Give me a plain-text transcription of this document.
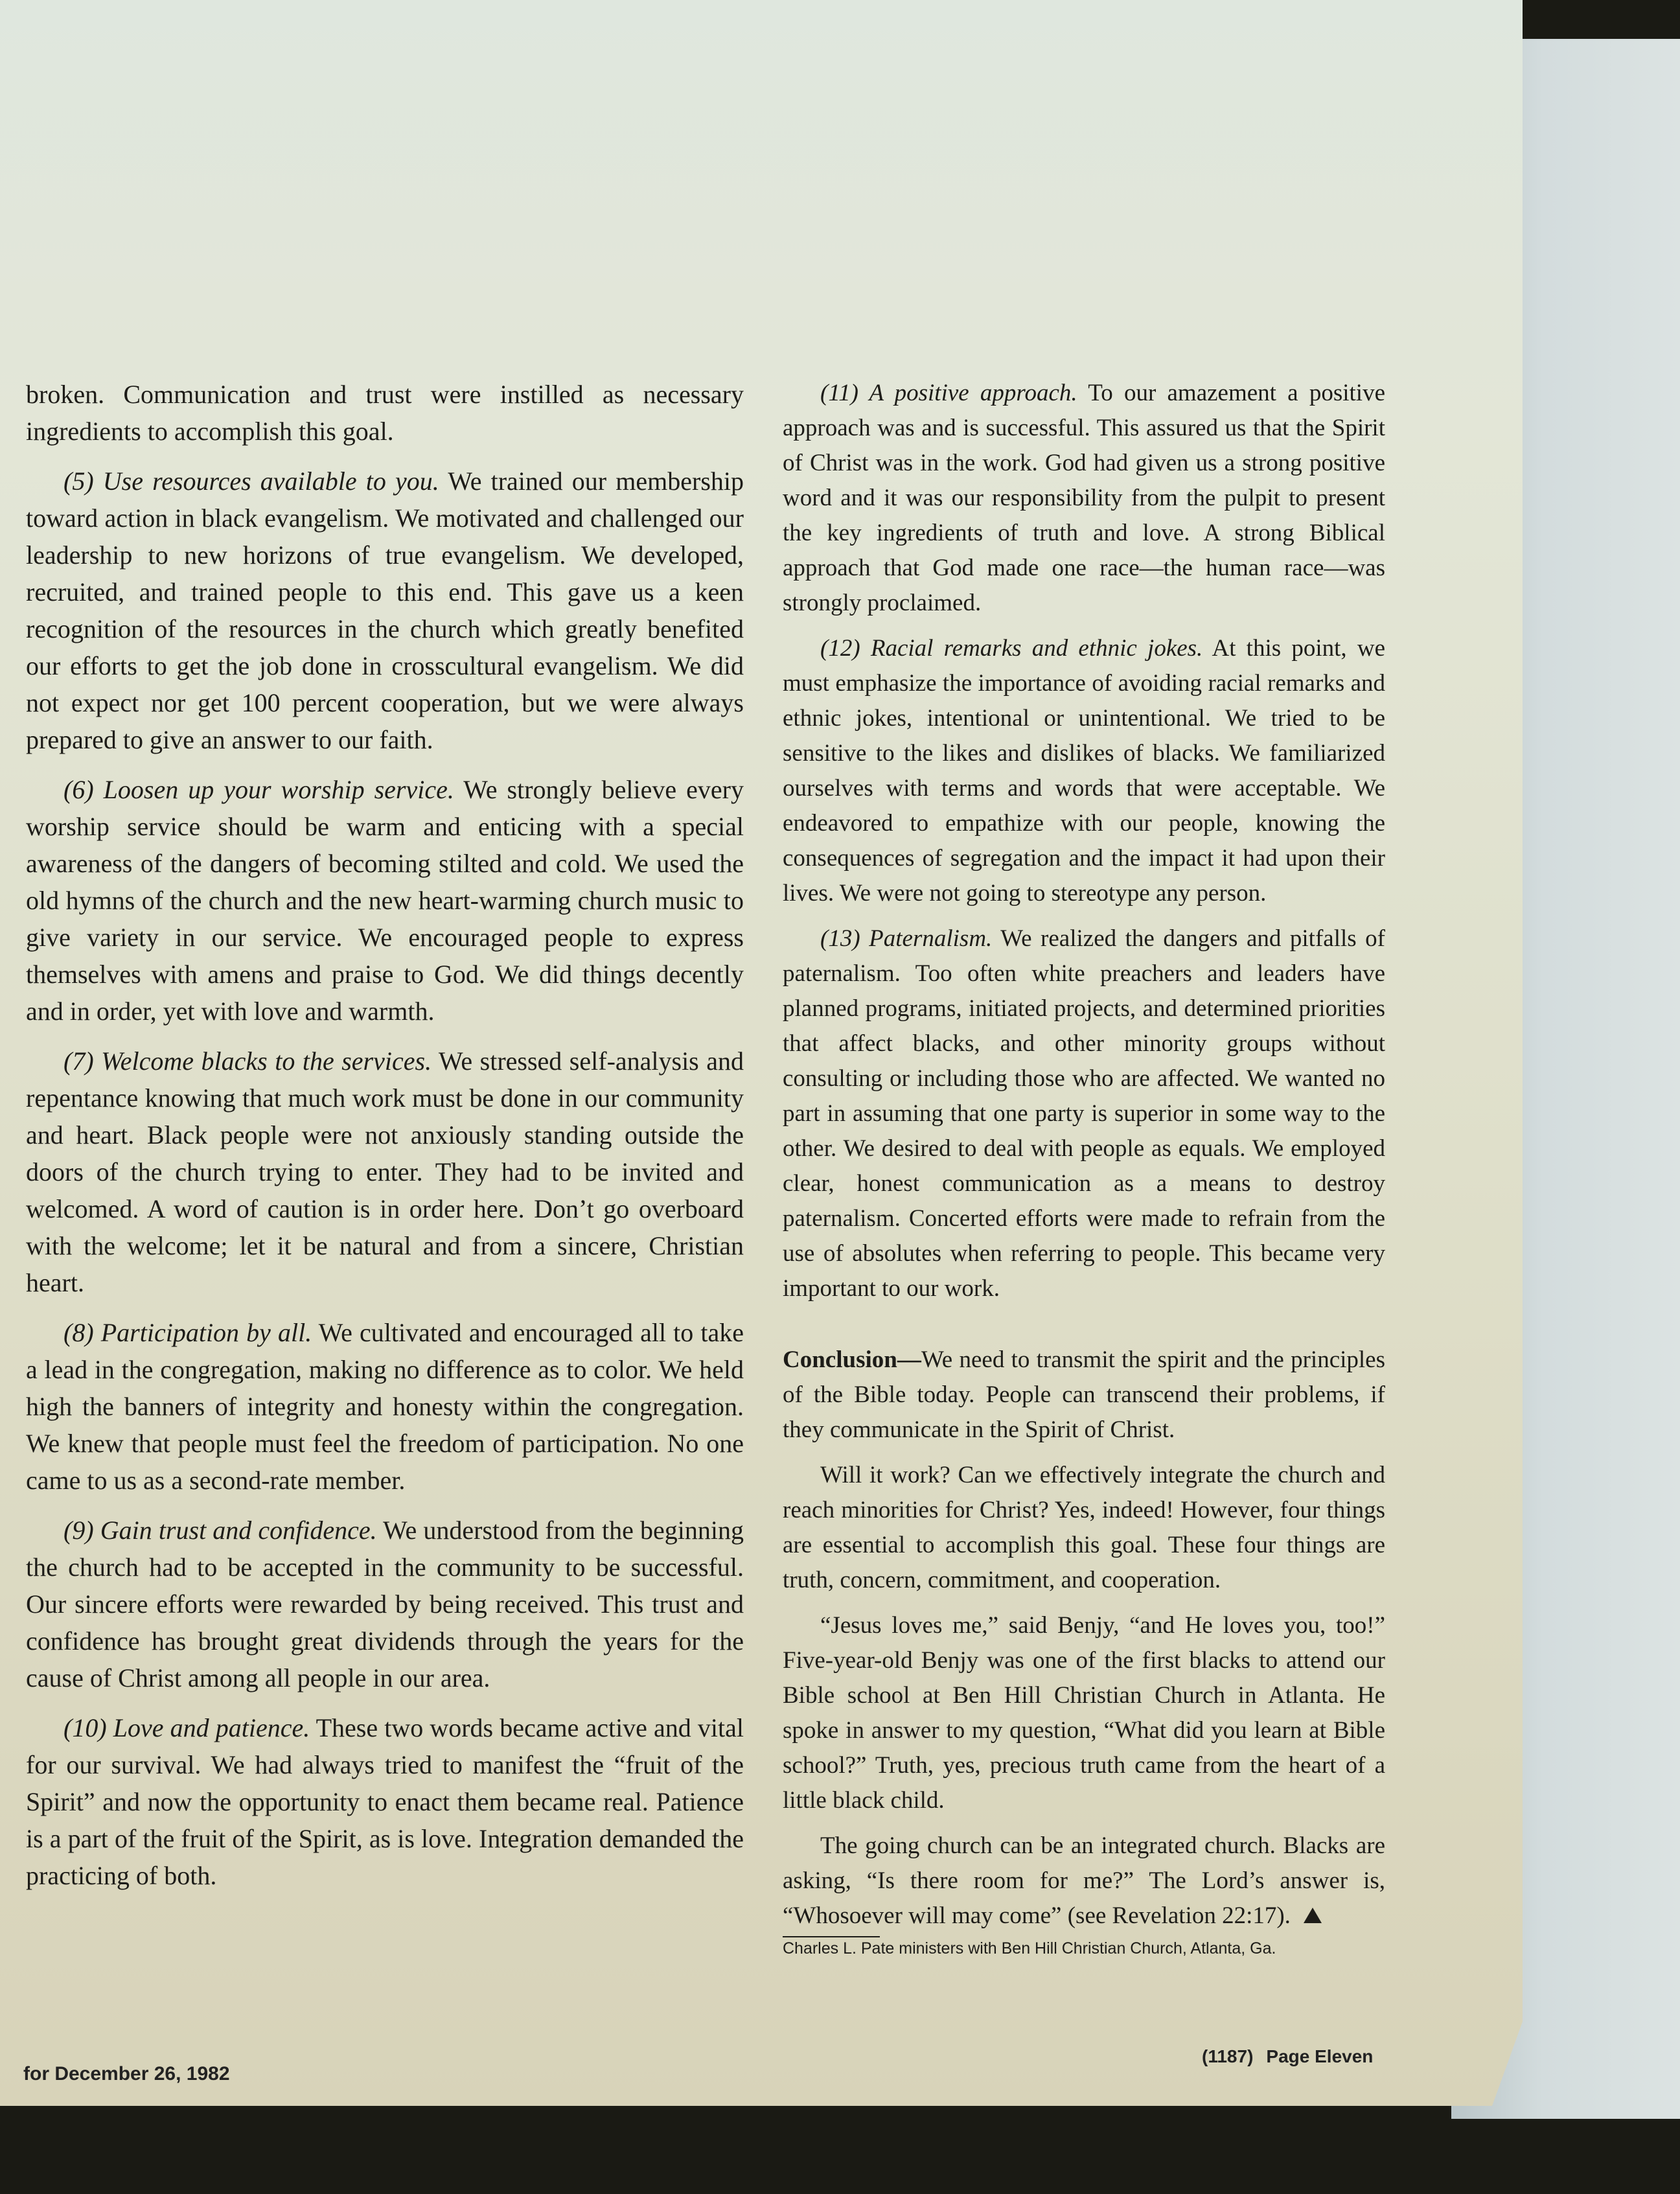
broken. Communication and trust were instilled as necessary ingredients to accomplish this goal.

(5) Use resources available to you. We trained our membership toward action in black evangelism. We motivated and challenged our leadership to new horizons of true evangelism. We developed, recruited, and trained people to this end. This gave us a keen recognition of the resources in the church which greatly benefited our efforts to get the job done in crosscultural evangelism. We did not expect nor get 100 percent cooperation, but we were always prepared to give an answer to our faith.

(6) Loosen up your worship service. We strongly believe every worship service should be warm and enticing with a special awareness of the dangers of becoming stilted and cold. We used the old hymns of the church and the new heart-warming church music to give variety in our service. We encouraged people to express themselves with amens and praise to God. We did things decently and in order, yet with love and warmth.

(7) Welcome blacks to the services. We stressed self-analysis and repentance knowing that much work must be done in our community and heart. Black people were not anxiously standing outside the doors of the church trying to enter. They had to be invited and welcomed. A word of caution is in order here. Don’t go overboard with the welcome; let it be natural and from a sincere, Christian heart.

(8) Participation by all. We cultivated and encouraged all to take a lead in the congregation, making no difference as to color. We held high the banners of integrity and honesty within the congregation. We knew that people must feel the freedom of participation. No one came to us as a second-rate member.

(9) Gain trust and confidence. We understood from the beginning the church had to be accepted in the community to be successful. Our sincere efforts were rewarded by being received. This trust and confidence has brought great dividends through the years for the cause of Christ among all people in our area.

(10) Love and patience. These two words became active and vital for our survival. We had always tried to manifest the “fruit of the Spirit” and now the opportunity to enact them became real. Patience is a part of the fruit of the Spirit, as is love. Integration demanded the practicing of both.

(11) A positive approach. To our amazement a positive approach was and is successful. This assured us that the Spirit of Christ was in the work. God had given us a strong positive word and it was our responsibility from the pulpit to present the key ingredients of truth and love. A strong Biblical approach that God made one race—the human race—was strongly proclaimed.

(12) Racial remarks and ethnic jokes. At this point, we must emphasize the importance of avoiding racial remarks and ethnic jokes, intentional or unintentional. We tried to be sensitive to the likes and dislikes of blacks. We familiarized ourselves with terms and words that were acceptable. We endeavored to empathize with our people, knowing the consequences of segregation and the impact it had upon their lives. We were not going to stereotype any person.

(13) Paternalism. We realized the dangers and pitfalls of paternalism. Too often white preachers and leaders have planned programs, initiated projects, and determined priorities that affect blacks, and other minority groups without consulting or including those who are affected. We wanted no part in assuming that one party is superior in some way to the other. We desired to deal with people as equals. We employed clear, honest communication as a means to destroy paternalism. Concerted efforts were made to refrain from the use of absolutes when referring to people. This became very important to our work.

Conclusion—We need to transmit the spirit and the principles of the Bible today. People can transcend their problems, if they communicate in the Spirit of Christ.

Will it work? Can we effectively integrate the church and reach minorities for Christ? Yes, indeed! However, four things are essential to accomplish this goal. These four things are truth, concern, commitment, and cooperation.

“Jesus loves me,” said Benjy, “and He loves you, too!” Five-year-old Benjy was one of the first blacks to attend our Bible school at Ben Hill Christian Church in Atlanta. He spoke in answer to my question, “What did you learn at Bible school?” Truth, yes, precious truth came from the heart of a little black child.

The going church can be an integrated church. Blacks are asking, “Is there room for me?” The Lord’s answer is, “Whosoever will may come” (see Revelation 22:17).

Charles L. Pate ministers with Ben Hill Christian Church, Atlanta, Ga.
for December 26, 1982
(1187) Page Eleven
